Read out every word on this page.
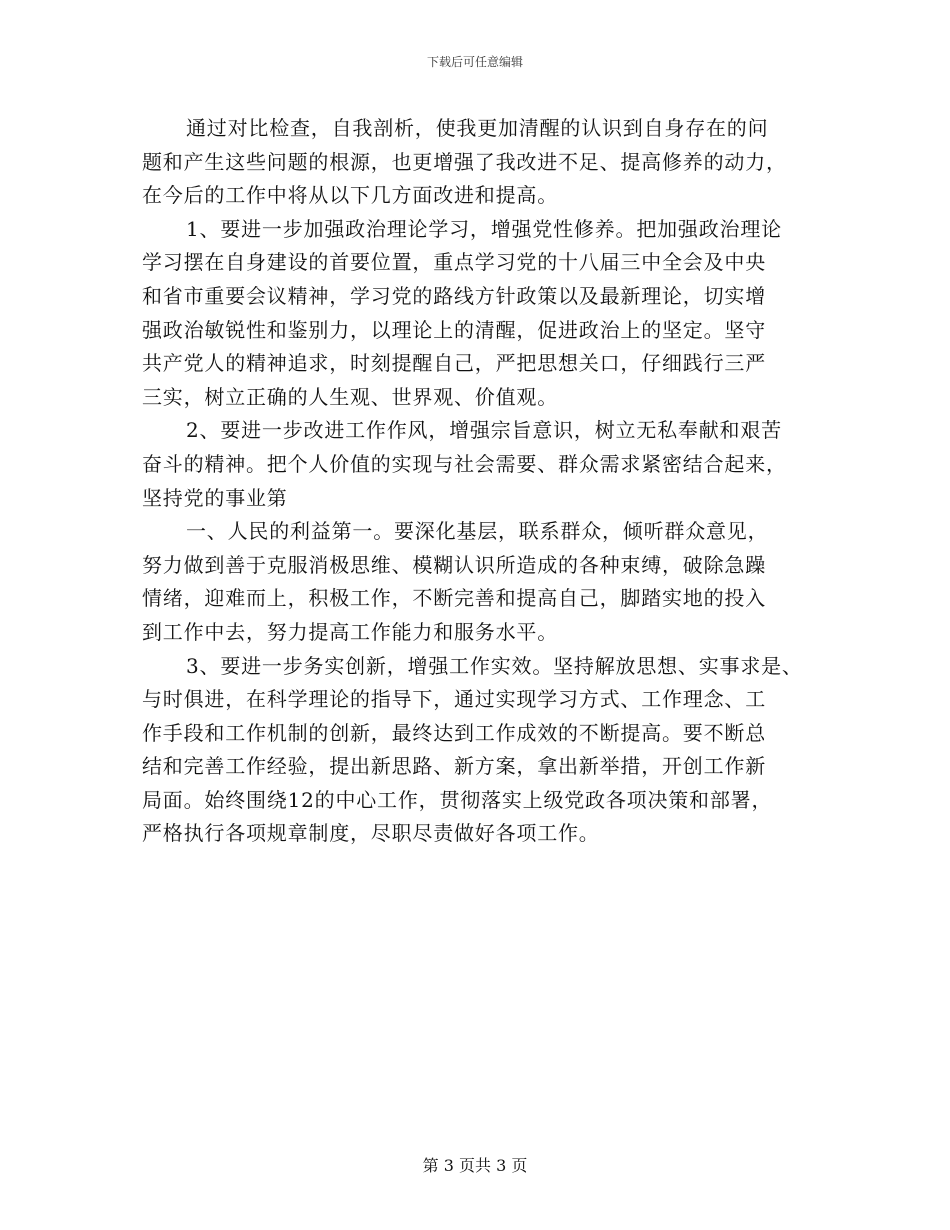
下载后可任意编辑
通过对比检查，自我剖析，使我更加清醒的认识到自身存在的问
题和产生这些问题的根源，也更增强了我改进不足、提高修养的动力，
在今后的工作中将从以下几方面改进和提高。
1、要进一步加强政治理论学习，增强党性修养。把加强政治理论
学习摆在自身建设的首要位置，重点学习党的十八届三中全会及中央
和省市重要会议精神，学习党的路线方针政策以及最新理论，切实增
强政治敏锐性和鉴别力，以理论上的清醒，促进政治上的坚定。坚守
共产党人的精神追求，时刻提醒自己，严把思想关口，仔细践行三严
三实，树立正确的人生观、世界观、价值观。
2、要进一步改进工作作风，增强宗旨意识，树立无私奉献和艰苦
奋斗的精神。把个人价值的实现与社会需要、群众需求紧密结合起来，
坚持党的事业第
一、人民的利益第一。要深化基层，联系群众，倾听群众意见，
努力做到善于克服消极思维、模糊认识所造成的各种束缚，破除急躁
情绪，迎难而上，积极工作，不断完善和提高自己，脚踏实地的投入
到工作中去，努力提高工作能力和服务水平。
3、要进一步务实创新，增强工作实效。坚持解放思想、实事求是、
与时俱进，在科学理论的指导下，通过实现学习方式、工作理念、工
作手段和工作机制的创新，最终达到工作成效的不断提高。要不断总
结和完善工作经验，提出新思路、新方案，拿出新举措，开创工作新
局面。始终围绕12的中心工作，贯彻落实上级党政各项决策和部署，
严格执行各项规章制度，尽职尽责做好各项工作。
第 3 页共 3 页
